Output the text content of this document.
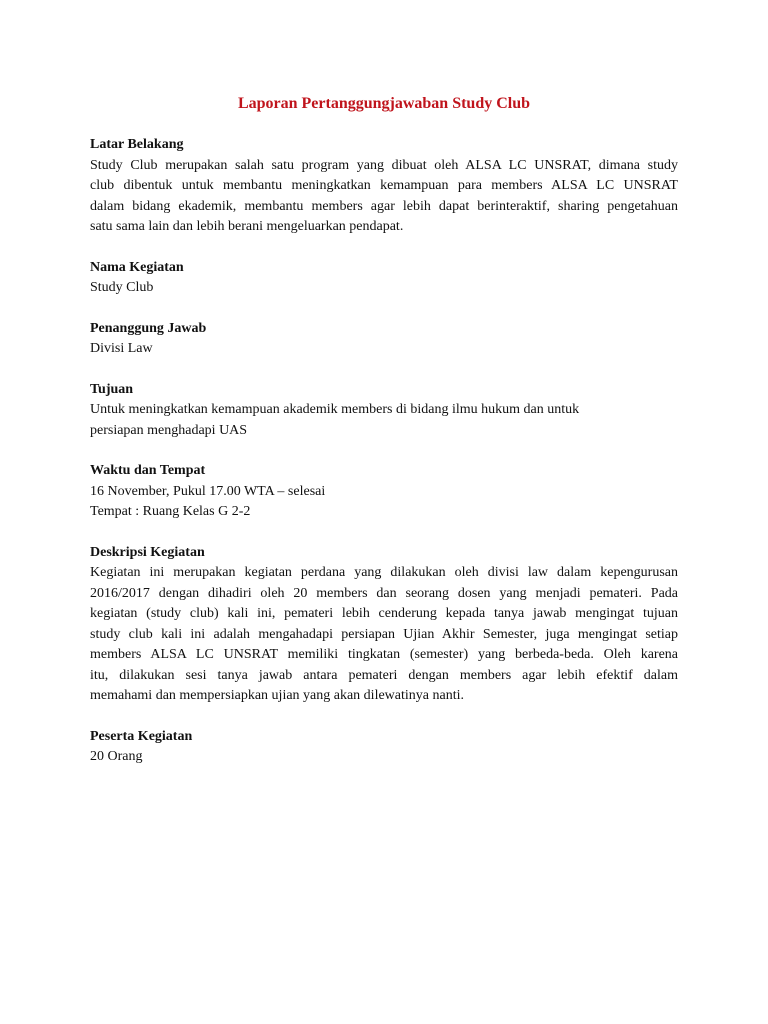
Laporan Pertanggungjawaban Study Club

Latar Belakang

Study Club merupakan salah satu program yang dibuat oleh ALSA LC UNSRAT, dimana study
club dibentuk untuk membantu meningkatkan kemampuan para members ALSA LC UNSRAT
dalam bidang ekademik, membantu members agar lebih dapat berinteraktif, sharing pengetahuan
satu sama lain dan lebih berani mengeluarkan pendapat.

Nama Kegiatan

Study Club

Penanggung Jawab

Divisi Law

Tujuan

Untuk meningkatkan kemampuan akademik members di bidang ilmu hukum dan untuk
persiapan menghadapi UAS

Waktu dan Tempat

16 November, Pukul 17.00 WTA – selesai
Tempat : Ruang Kelas G 2-2

Deskripsi Kegiatan

Kegiatan ini merupakan kegiatan perdana yang dilakukan oleh divisi law dalam kepengurusan
2016/2017 dengan dihadiri oleh 20 members dan seorang dosen yang menjadi pemateri. Pada
kegiatan (study club) kali ini, pemateri lebih cenderung kepada tanya jawab mengingat tujuan
study club kali ini adalah mengahadapi persiapan Ujian Akhir Semester, juga mengingat setiap
members ALSA LC UNSRAT memiliki tingkatan (semester) yang berbeda-beda. Oleh karena
itu, dilakukan sesi tanya jawab antara pemateri dengan members agar lebih efektif dalam
memahami dan mempersiapkan ujian yang akan dilewatinya nanti.

Peserta Kegiatan

20 Orang
